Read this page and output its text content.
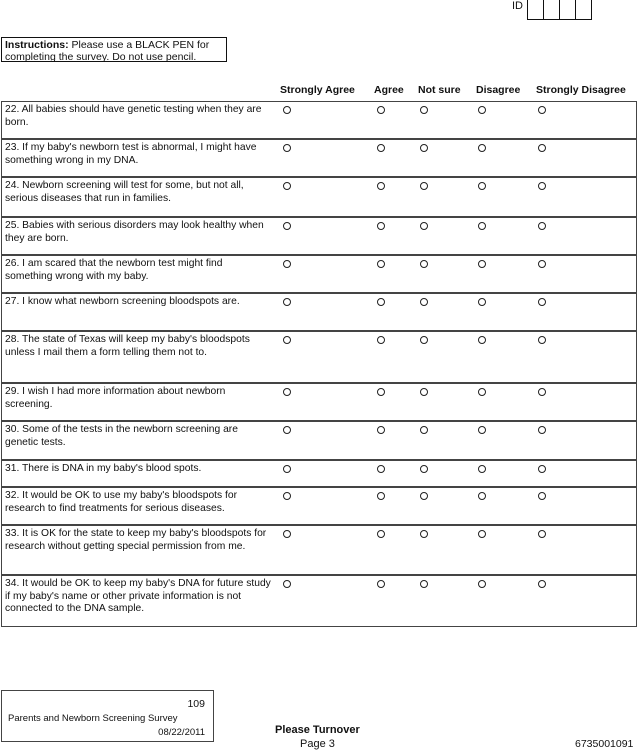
ID
Instructions: Please use a BLACK PEN for completing the survey. Do not use pencil.
Strongly Agree Agree Not sure Disagree Strongly Disagree
22. All babies should have genetic testing when they are born.
23. If my baby's newborn test is abnormal, I might have something wrong in my DNA.
24. Newborn screening will test for some, but not all, serious diseases that run in families.
25. Babies with serious disorders may look healthy when they are born.
26. I am scared that the newborn test might find something wrong with my baby.
27. I know what newborn screening bloodspots are.
28. The state of Texas will keep my baby's bloodspots unless I mail them a form telling them not to.
29. I wish I had more information about newborn screening.
30. Some of the tests in the newborn screening are genetic tests.
31. There is DNA in my baby's blood spots.
32. It would be OK to use my baby's bloodspots for research to find treatments for serious diseases.
33. It is OK for the state to keep my baby's bloodspots for research without getting special permission from me.
34. It would be OK to keep my baby's DNA for future study if my baby's name or other private information is not connected to the DNA sample.
109
Parents and Newborn Screening Survey
08/22/2011	Please Turnover
Page 3	6735001091
